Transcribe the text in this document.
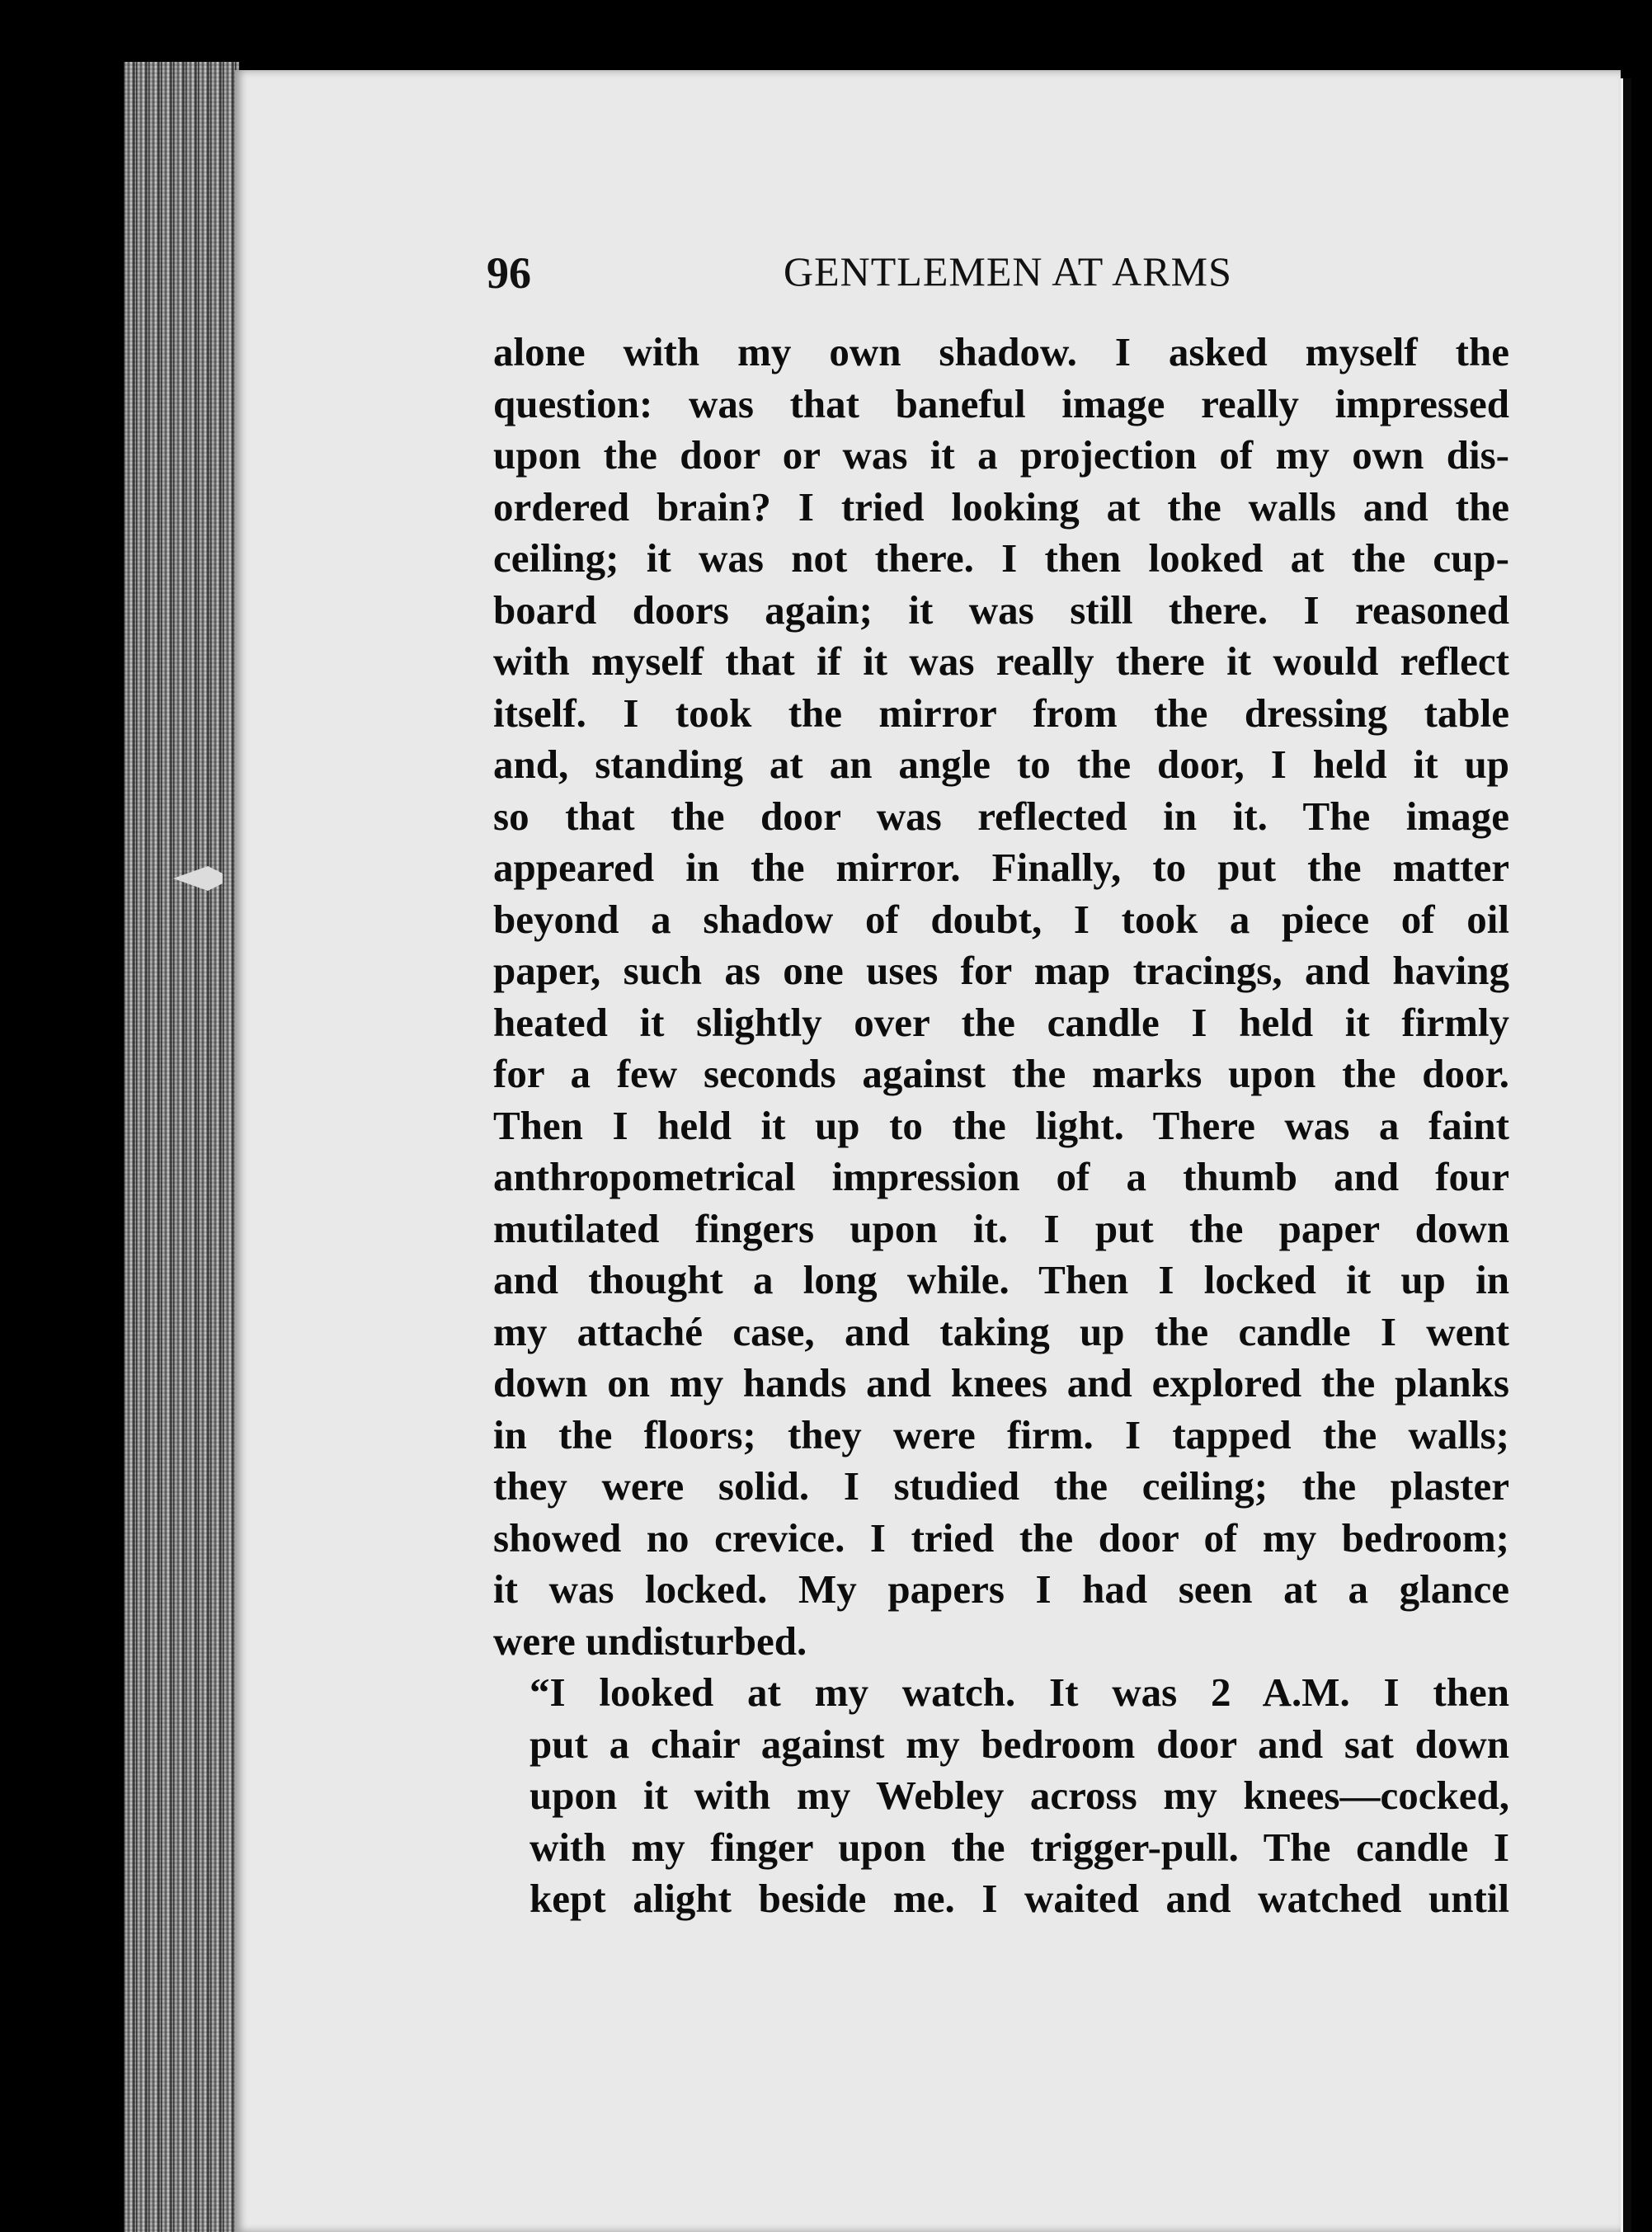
96	GENTLEMEN AT ARMS
alone with my own shadow. I asked myself the
question: was that baneful image really impressed
upon the door or was it a projection of my own dis-
ordered brain? I tried looking at the walls and the
ceiling; it was not there. I then looked at the cup-
board doors again; it was still there. I reasoned
with myself that if it was really there it would reflect
itself. I took the mirror from the dressing table
and, standing at an angle to the door, I held it up
so that the door was reflected in it. The image
appeared in the mirror. Finally, to put the matter
beyond a shadow of doubt, I took a piece of oil
paper, such as one uses for map tracings, and having
heated it slightly over the candle I held it firmly
for a few seconds against the marks upon the door.
Then I held it up to the light. There was a faint
anthropometrical impression of a thumb and four
mutilated fingers upon it. I put the paper down
and thought a long while. Then I locked it up in
my attaché case, and taking up the candle I went
down on my hands and knees and explored the planks
in the floors; they were firm. I tapped the walls;
they were solid. I studied the ceiling; the plaster
showed no crevice. I tried the door of my bedroom;
it was locked. My papers I had seen at a glance
were undisturbed.
“I looked at my watch. It was 2 A.M. I then
put a chair against my bedroom door and sat down
upon it with my Webley across my knees—cocked,
with my finger upon the trigger-pull. The candle I
kept alight beside me. I waited and watched until
